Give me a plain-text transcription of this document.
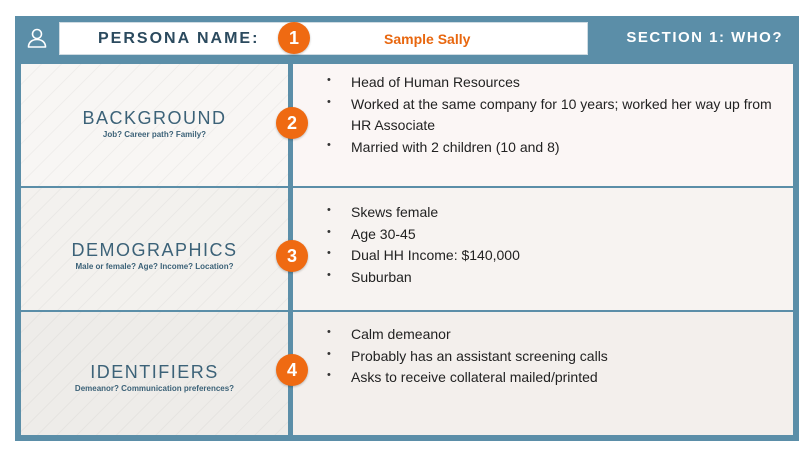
PERSONA NAME:	Sample Sally
1	SECTION 1: WHO?
BACKGROUND
Job? Career path? Family?
• Head of Human Resources
• Worked at the same company for 10 years; worked her way up from HR Associate
• Married with 2 children (10 and 8)
2
DEMOGRAPHICS
Male or female? Age? Income? Location?
• Skews female
• Age 30-45
• Dual HH Income: $140,000
• Suburban
3
IDENTIFIERS
Demeanor? Communication preferences?
• Calm demeanor
• Probably has an assistant screening calls
• Asks to receive collateral mailed/printed
4
